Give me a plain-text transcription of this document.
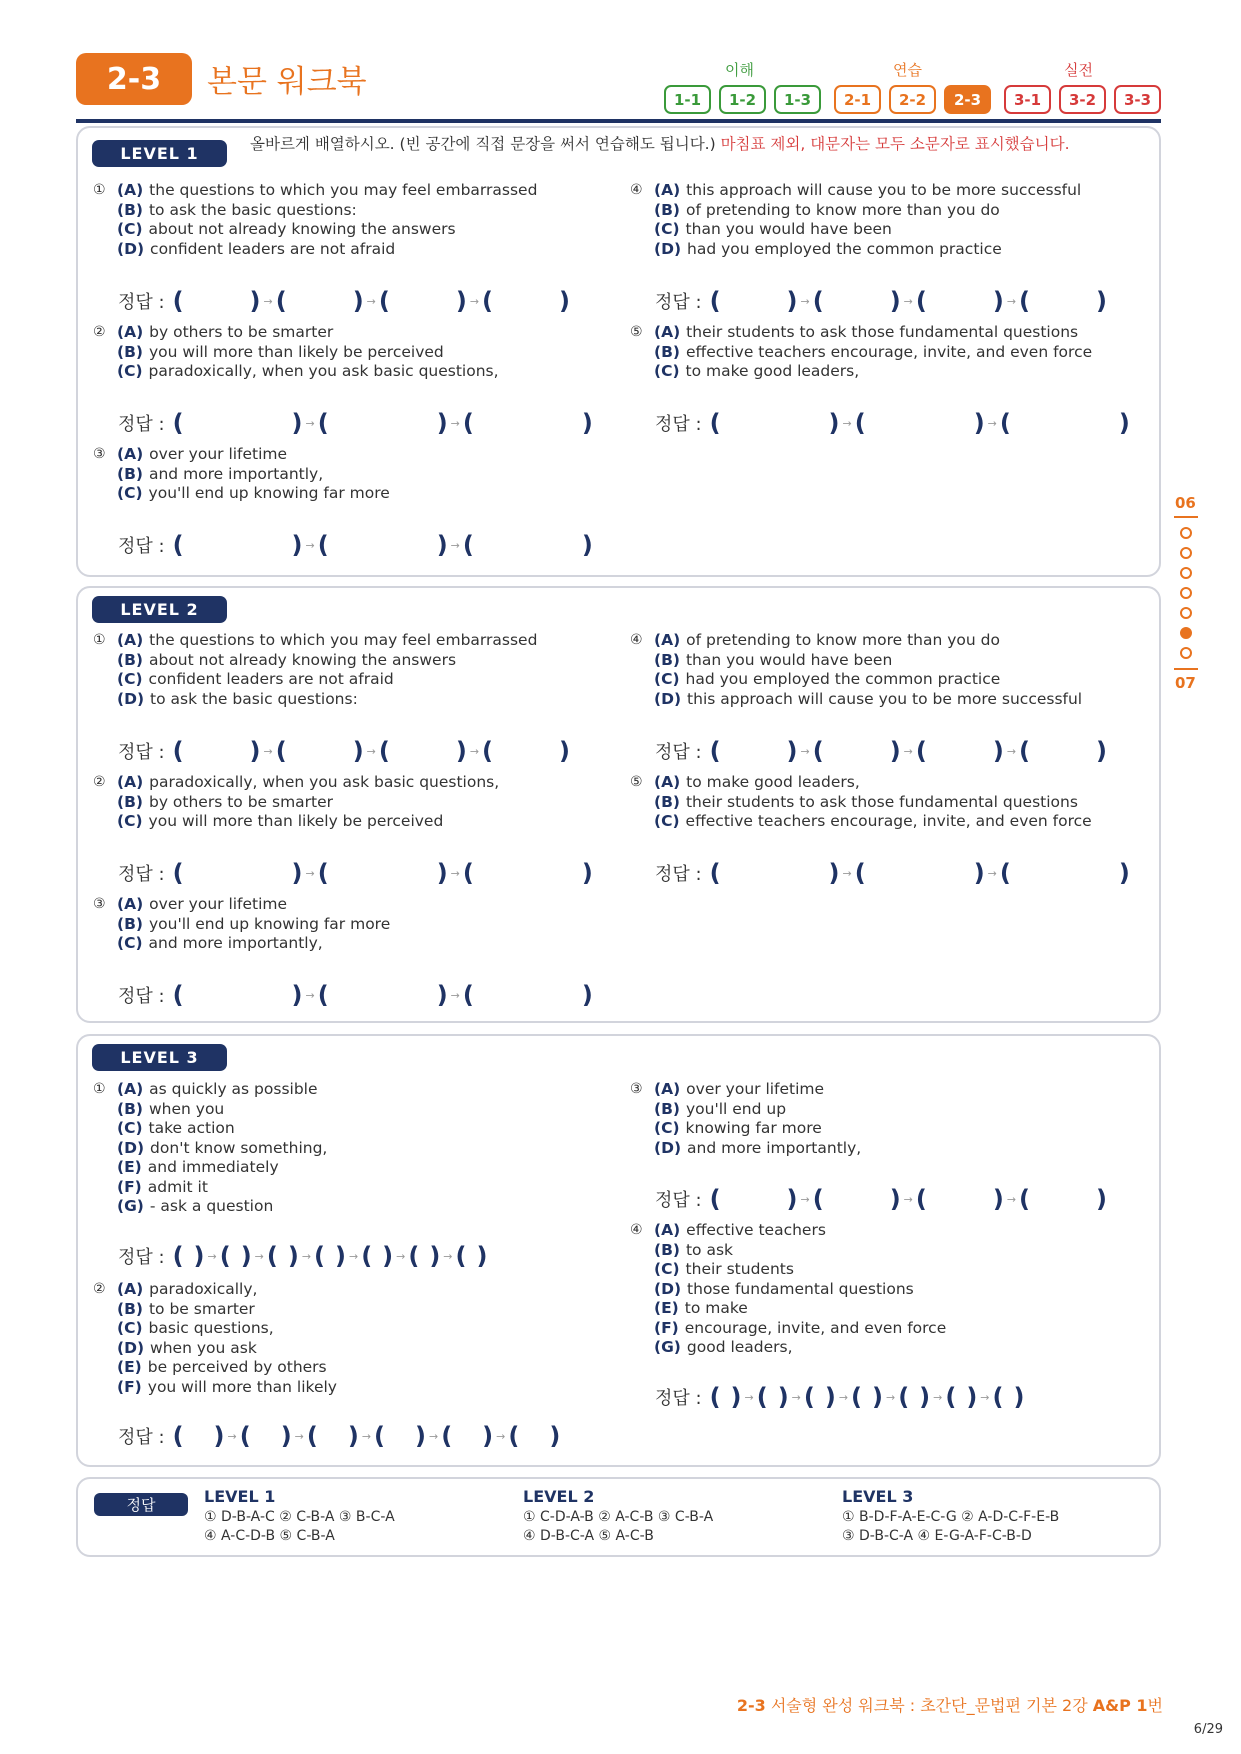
2-3	본문 워크북	이해	연습	실전
1-1	1-2	1-3	2-1	2-2	2-3	3-1	3-2	3-3
LEVEL 1	올바르게 배열하시오. (빈 공간에 직접 문장을 써서 연습해도 됩니다.) 마침표 제외, 대문자는 모두 소문자로 표시했습니다.
① (A) the questions to which you may feel embarrassed
(B) to ask the basic questions:
(C) about not already knowing the answers
(D) confident leaders are not afraid
정답 : (	) → (	) → (	) → (	)
② (A) by others to be smarter
(B) you will more than likely be perceived
(C) paradoxically, when you ask basic questions,
정답 : (	) → (	) → (	)
③ (A) over your lifetime
(B) and more importantly,
(C) you'll end up knowing far more
정답 : (	) → (	) → (	)
④ (A) this approach will cause you to be more successful
(B) of pretending to know more than you do
(C) than you would have been
(D) had you employed the common practice
정답 : (	) → (	) → (	) → (	)
⑤ (A) their students to ask those fundamental questions
(B) effective teachers encourage, invite, and even force
(C) to make good leaders,
정답 : (	) → (	) → (	)
LEVEL 2
① (A) the questions to which you may feel embarrassed
(B) about not already knowing the answers
(C) confident leaders are not afraid
(D) to ask the basic questions:
정답 : (	) → (	) → (	) → (	)
② (A) paradoxically, when you ask basic questions,
(B) by others to be smarter
(C) you will more than likely be perceived
정답 : (	) → (	) → (	)
③ (A) over your lifetime
(B) you'll end up knowing far more
(C) and more importantly,
정답 : (	) → (	) → (	)
④ (A) of pretending to know more than you do
(B) than you would have been
(C) had you employed the common practice
(D) this approach will cause you to be more successful
정답 : (	) → (	) → (	) → (	)
⑤ (A) to make good leaders,
(B) their students to ask those fundamental questions
(C) effective teachers encourage, invite, and even force
정답 : (	) → (	) → (	)
LEVEL 3
① (A) as quickly as possible
(B) when you
(C) take action
(D) don't know something,
(E) and immediately
(F) admit it
(G) - ask a question
정답 : ( ) → ( ) → ( ) → ( ) → ( ) → ( ) → ( )
② (A) paradoxically,
(B) to be smarter
(C) basic questions,
(D) when you ask
(E) be perceived by others
(F) you will more than likely
정답 : ( ) → ( ) → ( ) → ( ) → ( ) → ( )
③ (A) over your lifetime
(B) you'll end up
(C) knowing far more
(D) and more importantly,
정답 : (	) → (	) → (	) → (	)
④ (A) effective teachers
(B) to ask
(C) their students
(D) those fundamental questions
(E) to make
(F) encourage, invite, and even force
(G) good leaders,
정답 : ( ) → ( ) → ( ) → ( ) → ( ) → ( ) → ( )
06
07
정답	LEVEL 1
① D-B-A-C ② C-B-A ③ B-C-A
④ A-C-D-B ⑤ C-B-A
LEVEL 2
① C-D-A-B ② A-C-B ③ C-B-A
④ D-B-C-A ⑤ A-C-B
LEVEL 3
① B-D-F-A-E-C-G ② A-D-C-F-E-B
③ D-B-C-A ④ E-G-A-F-C-B-D
2-3 서술형 완성 워크북 : 초간단_문법편 기본 2강 A&P 1번
6/29
